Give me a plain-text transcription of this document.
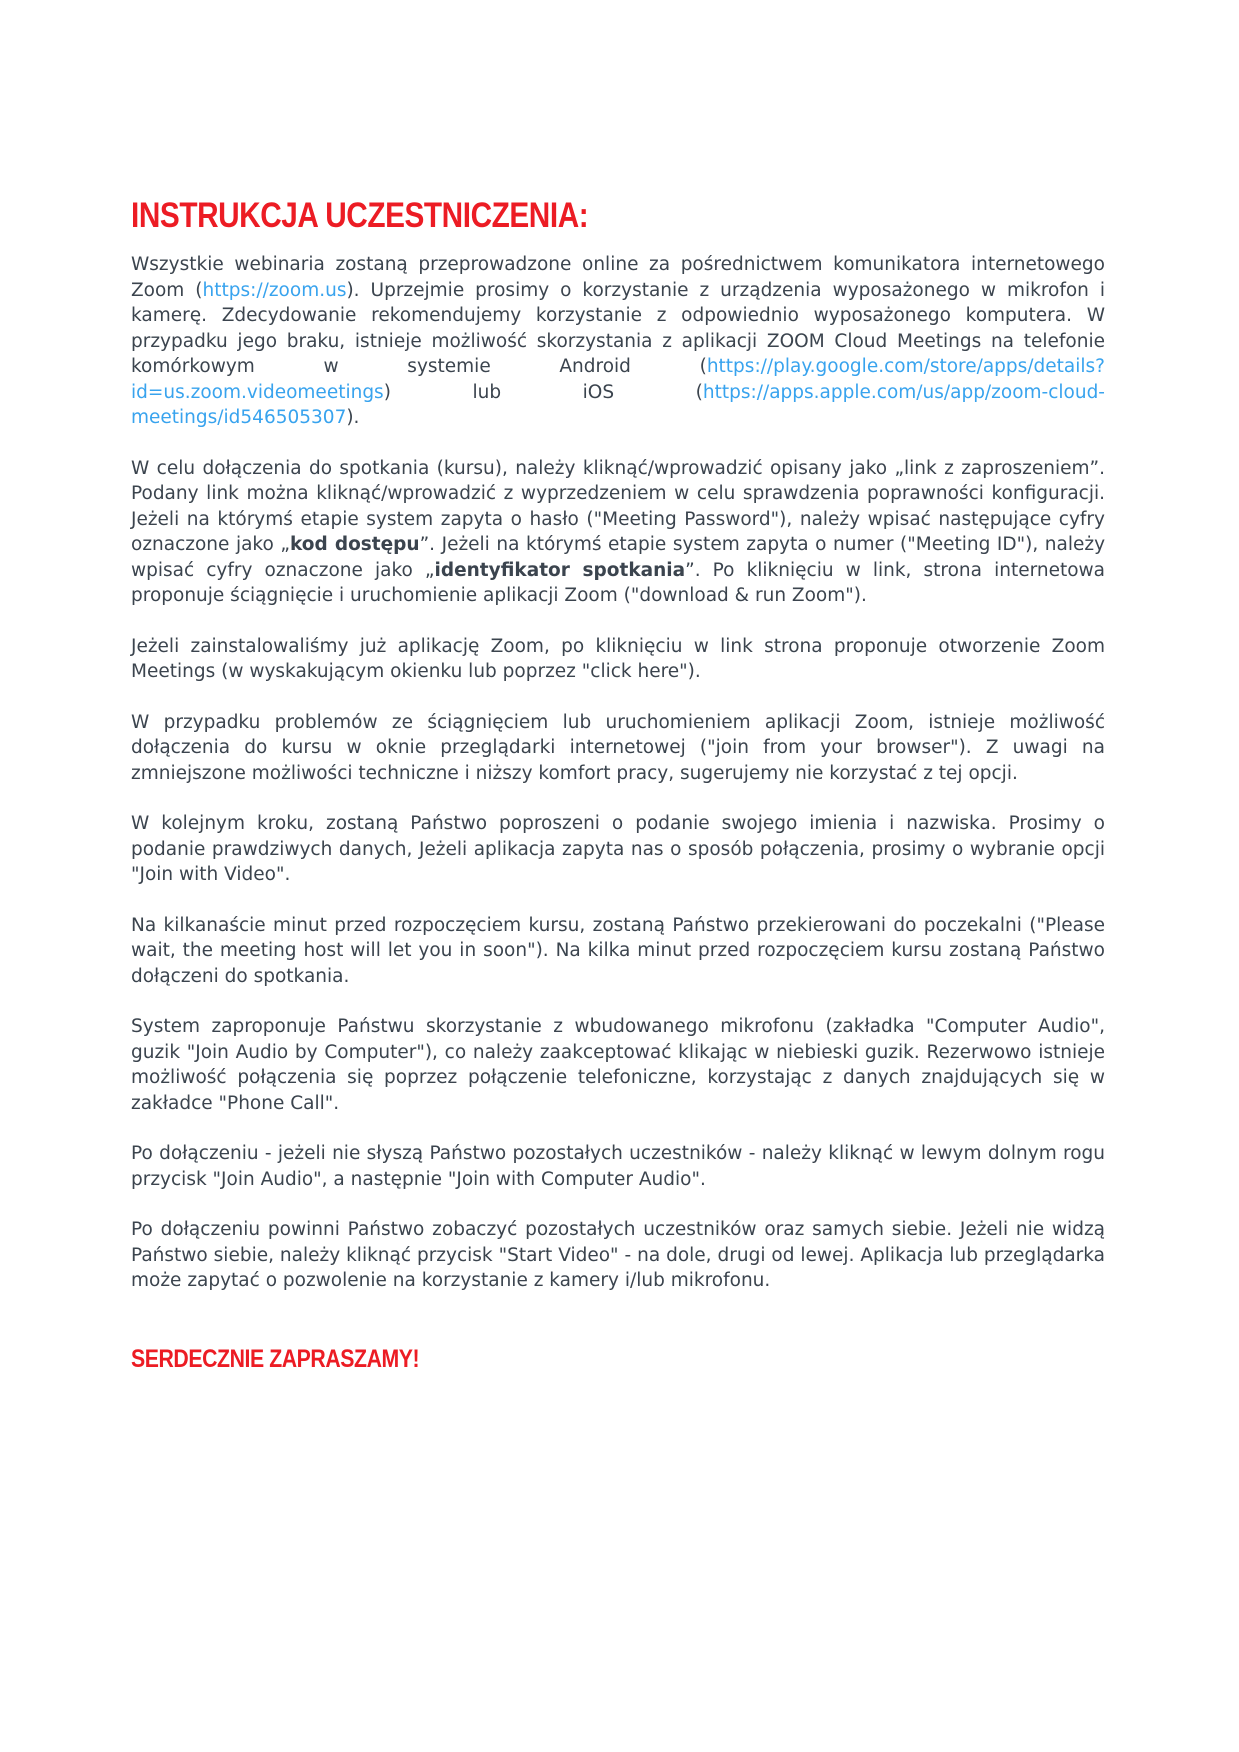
INSTRUKCJA UCZESTNICZENIA:

Wszystkie webinaria zostaną przeprowadzone online za pośrednictwem komunikatora internetowego Zoom (https://zoom.us). Uprzejmie prosimy o korzystanie z urządzenia wyposażonego w mikrofon i kamerę. Zdecydowanie rekomendujemy korzystanie z odpowiednio wyposażonego komputera. W przypadku jego braku, istnieje możliwość skorzystania z aplikacji ZOOM Cloud Meetings na telefonie komórkowym w systemie Android (https://play.google.com/store/apps/details?id=us.zoom.videomeetings) lub iOS (https://apps.apple.com/us/app/zoom-cloud-meetings/id546505307).

W celu dołączenia do spotkania (kursu), należy kliknąć/wprowadzić opisany jako „link z zaproszeniem”. Podany link można kliknąć/wprowadzić z wyprzedzeniem w celu sprawdzenia poprawności konfiguracji. Jeżeli na którymś etapie system zapyta o hasło ("Meeting Password"), należy wpisać następujące cyfry oznaczone jako „kod dostępu”. Jeżeli na którymś etapie system zapyta o numer ("Meeting ID"), należy wpisać cyfry oznaczone jako „identyfikator spotkania”. Po kliknięciu w link, strona internetowa proponuje ściągnięcie i uruchomienie aplikacji Zoom ("download & run Zoom").

Jeżeli zainstalowaliśmy już aplikację Zoom, po kliknięciu w link strona proponuje otworzenie Zoom Meetings (w wyskakującym okienku lub poprzez "click here").

W przypadku problemów ze ściągnięciem lub uruchomieniem aplikacji Zoom, istnieje możliwość dołączenia do kursu w oknie przeglądarki internetowej ("join from your browser"). Z uwagi na zmniejszone możliwości techniczne i niższy komfort pracy, sugerujemy nie korzystać z tej opcji.

W kolejnym kroku, zostaną Państwo poproszeni o podanie swojego imienia i nazwiska. Prosimy o podanie prawdziwych danych, Jeżeli aplikacja zapyta nas o sposób połączenia, prosimy o wybranie opcji "Join with Video".

Na kilkanaście minut przed rozpoczęciem kursu, zostaną Państwo przekierowani do poczekalni ("Please wait, the meeting host will let you in soon"). Na kilka minut przed rozpoczęciem kursu zostaną Państwo dołączeni do spotkania.

System zaproponuje Państwu skorzystanie z wbudowanego mikrofonu (zakładka "Computer Audio", guzik "Join Audio by Computer"), co należy zaakceptować klikając w niebieski guzik. Rezerwowo istnieje możliwość połączenia się poprzez połączenie telefoniczne, korzystając z danych znajdujących się w zakładce "Phone Call".

Po dołączeniu - jeżeli nie słyszą Państwo pozostałych uczestników - należy kliknąć w lewym dolnym rogu przycisk "Join Audio", a następnie "Join with Computer Audio".

Po dołączeniu powinni Państwo zobaczyć pozostałych uczestników oraz samych siebie. Jeżeli nie widzą Państwo siebie, należy kliknąć przycisk "Start Video" - na dole, drugi od lewej. Aplikacja lub przeglądarka może zapytać o pozwolenie na korzystanie z kamery i/lub mikrofonu.

SERDECZNIE ZAPRASZAMY!
